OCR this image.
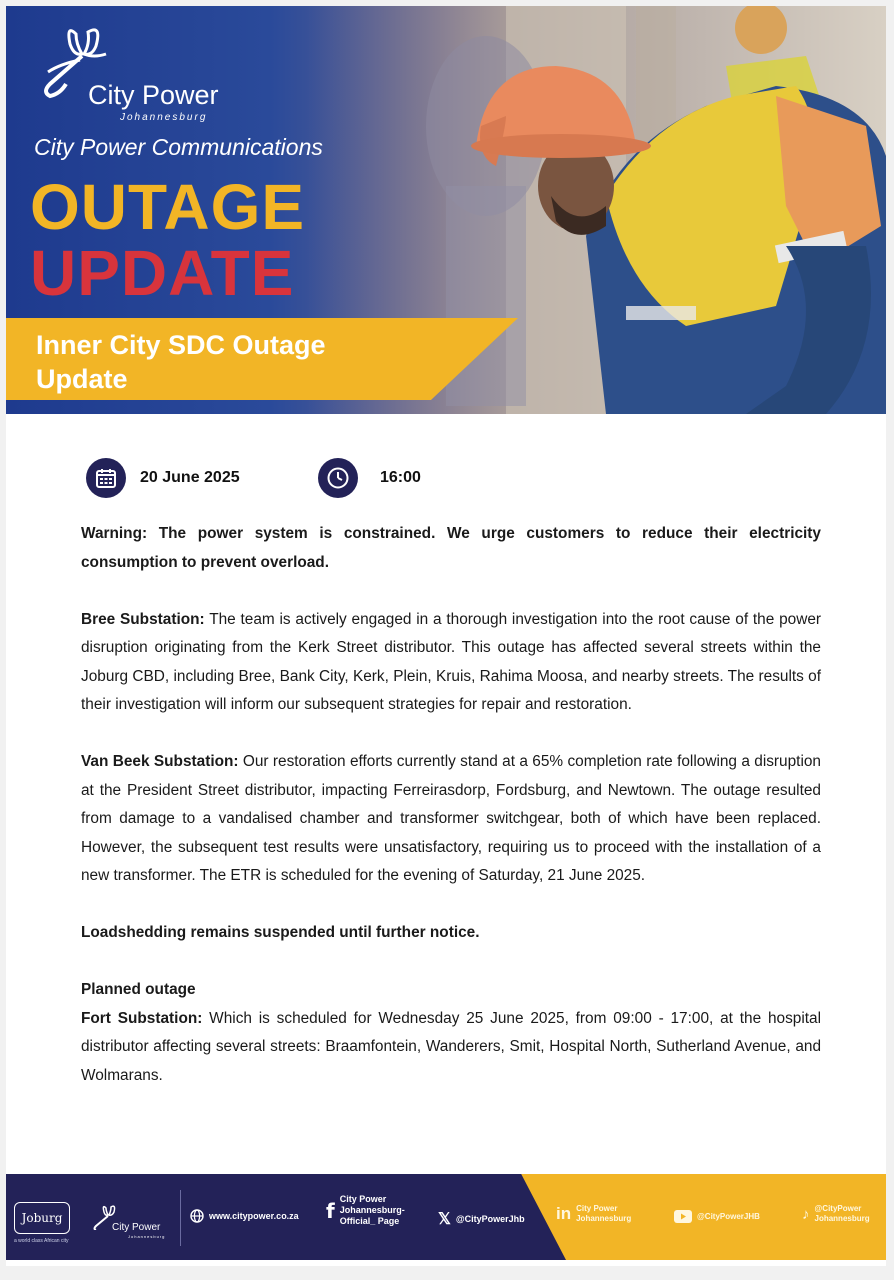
City Power
Johannesburg
City Power Communications
OUTAGE
UPDATE
Inner City SDC Outage
Update
20 June 2025	16:00

Warning: The power system is constrained. We urge customers to reduce their electricity consumption to prevent overload.

Bree Substation: The team is actively engaged in a thorough investigation into the root cause of the power disruption originating from the Kerk Street distributor. This outage has affected several streets within the Joburg CBD, including Bree, Bank City, Kerk, Plein, Kruis, Rahima Moosa, and nearby streets. The results of their investigation will inform our subsequent strategies for repair and restoration.

Van Beek Substation: Our restoration efforts currently stand at a 65% completion rate following a disruption at the President Street distributor, impacting Ferreirasdorp, Fordsburg, and Newtown. The outage resulted from damage to a vandalised chamber and transformer switchgear, both of which have been replaced. However, the subsequent test results were unsatisfactory, requiring us to proceed with the installation of a new transformer. The ETR is scheduled for the evening of Saturday, 21 June 2025.

Loadshedding remains suspended until further notice.

Planned outage

Fort Substation: Which is scheduled for Wednesday 25 June 2025, from 09:00 - 17:00, at the hospital distributor affecting several streets: Braamfontein, Wanderers, Smit, Hospital North, Sutherland Avenue, and Wolmarans.

Joburg
a world class African city
City Power
Johannesburg
www.citypower.co.za f City Power
Johannesburg-
Official_ Page	𝕏 @CityPowerJhb in City Power
Johannesburg	@CityPowerJHB	♪ @CityPower
Johannesburg
